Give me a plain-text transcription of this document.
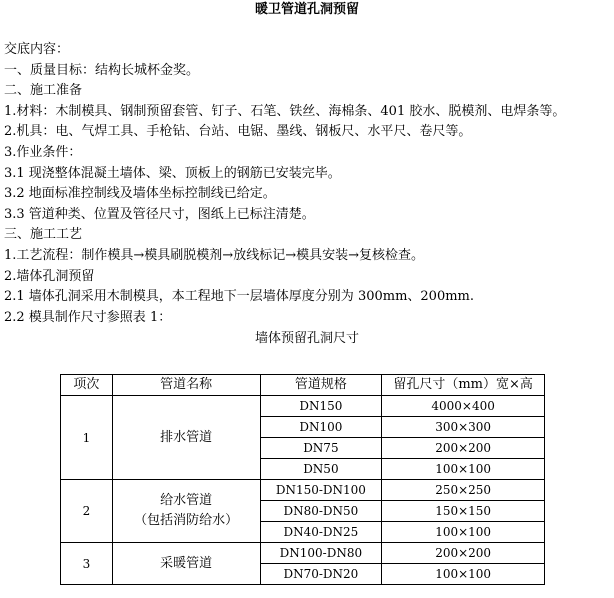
暖卫管道孔洞预留
交底内容：
一、质量目标：结构长城杯金奖。
二、施工准备
1.材料：木制模具、钢制预留套管、钉子、石笔、铁丝、海棉条、401 胶水、脱模剂、电焊条等。
2.机具：电、气焊工具、手枪钻、台站、电锯、墨线、钢板尺、水平尺、卷尺等。
3.作业条件：
3.1 现浇整体混凝土墙体、梁、顶板上的钢筋已安装完毕。
3.2 地面标准控制线及墙体坐标控制线已给定。
3.3 管道种类、位置及管径尺寸，图纸上已标注清楚。
三、施工工艺
1.工艺流程：制作模具→模具刷脱模剂→放线标记→模具安装→复核检查。
2.墙体孔洞预留
2.1 墙体孔洞采用木制模具，本工程地下一层墙体厚度分别为 300mm、200mm.
2.2 模具制作尺寸参照表 1：
墙体预留孔洞尺寸
项次	管道名称	管道规格	留孔尺寸（mm）宽×高
1	排水管道	DN150	4000×400
		DN100	300×300
		DN75	200×200
		DN50	100×100
2	给水管道
（包括消防给水）	DN150-DN100	250×250
		DN80-DN50	150×150
		DN40-DN25	100×100
3	采暖管道	DN100-DN80	200×200
		DN70-DN20	100×100
